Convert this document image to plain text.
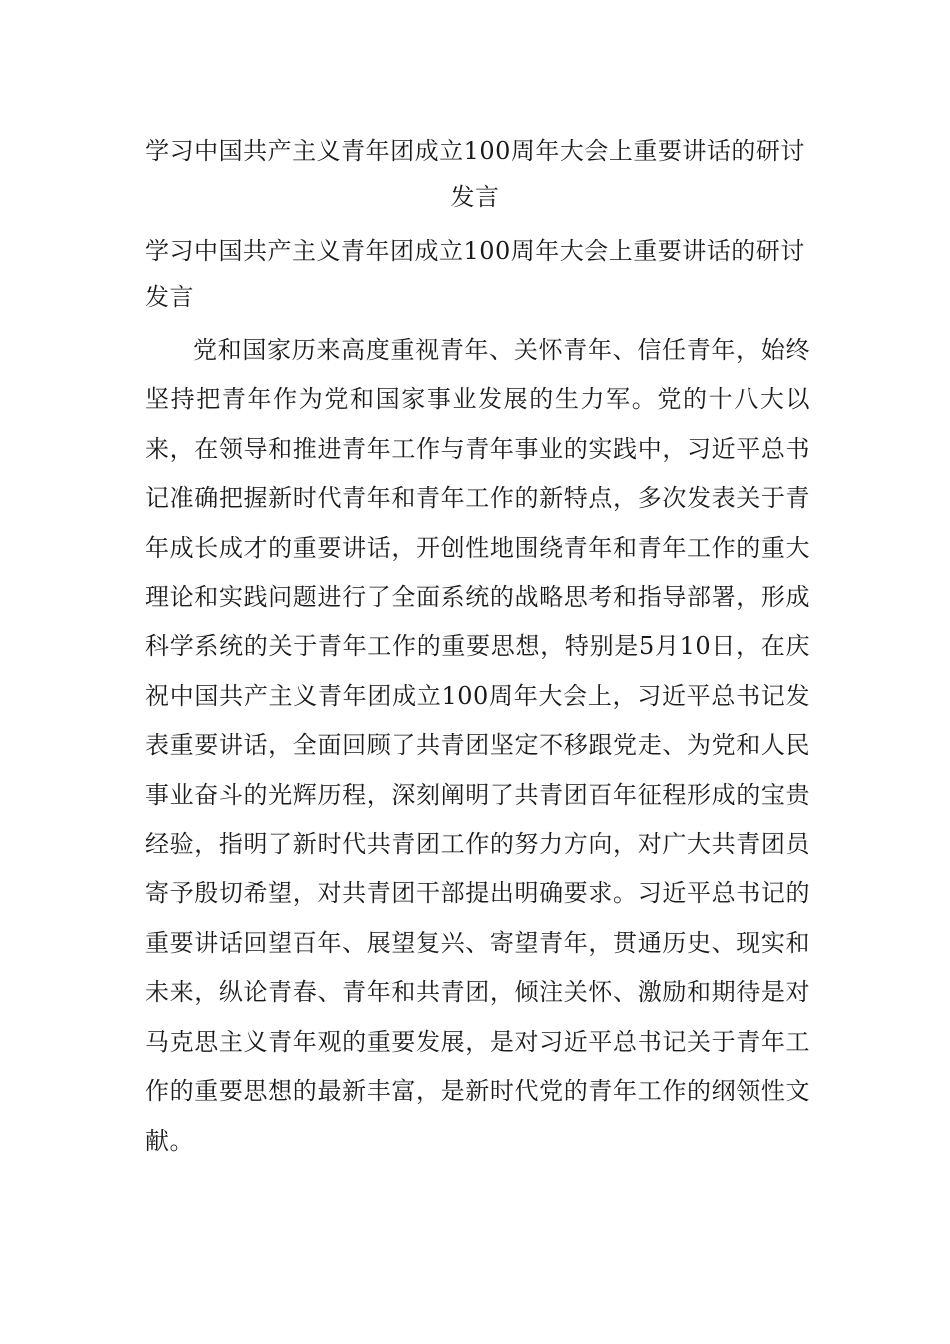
学习中国共产主义青年团成立100周年大会上重要讲话的研讨发言
学习中国共产主义青年团成立100周年大会上重要讲话的研讨发言

党和国家历来高度重视青年、关怀青年、信任青年，始终坚持把青年作为党和国家事业发展的生力军。党的十八大以来，在领导和推进青年工作与青年事业的实践中，习近平总书记准确把握新时代青年和青年工作的新特点，多次发表关于青年成长成才的重要讲话，开创性地围绕青年和青年工作的重大理论和实践问题进行了全面系统的战略思考和指导部署，形成科学系统的关于青年工作的重要思想，特别是5月10日，在庆祝中国共产主义青年团成立100周年大会上，习近平总书记发表重要讲话，全面回顾了共青团坚定不移跟党走、为党和人民事业奋斗的光辉历程，深刻阐明了共青团百年征程形成的宝贵经验，指明了新时代共青团工作的努力方向，对广大共青团员寄予殷切希望，对共青团干部提出明确要求。习近平总书记的重要讲话回望百年、展望复兴、寄望青年，贯通历史、现实和未来，纵论青春、青年和共青团，倾注关怀、激励和期待是对马克思主义青年观的重要发展，是对习近平总书记关于青年工作的重要思想的最新丰富，是新时代党的青年工作的纲领性文献。
